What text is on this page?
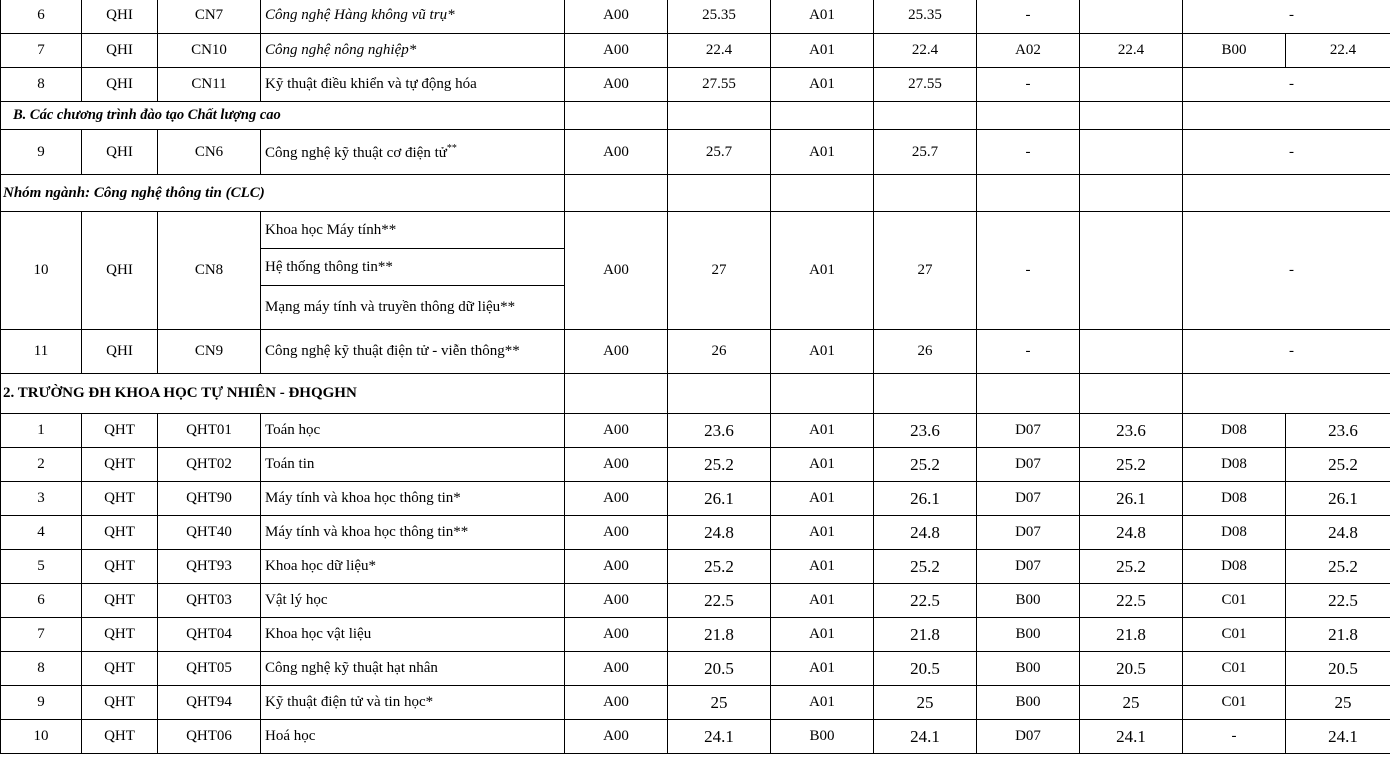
6	QHI	CN7	Công nghệ Hàng không vũ trụ*	A00	25.35	A01	25.35	-		-	
7	QHI	CN10	Công nghệ nông nghiệp*	A00	22.4	A01	22.4	A02	22.4	B00	22.4
8	QHI	CN11	Kỹ thuật điều khiển và tự động hóa	A00	27.55	A01	27.55	-		-	
B. Các chương trình đào tạo Chất lượng cao											
9	QHI	CN6	Công nghệ kỹ thuật cơ điện tử**	A00	25.7	A01	25.7	-		-	
Nhóm ngành: Công nghệ thông tin (CLC)											
10	QHI	CN8	Khoa học Máy tính**	A00	27	A01	27	-		-	
			Hệ thống thông tin**								
			Mạng máy tính và truyền thông dữ liệu**								
11	QHI	CN9	Công nghệ kỹ thuật điện tử - viễn thông**	A00	26	A01	26	-		-	
2. TRƯỜNG ĐH KHOA HỌC TỰ NHIÊN - ĐHQGHN											
1	QHT	QHT01	Toán học	A00	23.6	A01	23.6	D07	23.6	D08	23.6
2	QHT	QHT02	Toán tin	A00	25.2	A01	25.2	D07	25.2	D08	25.2
3	QHT	QHT90	Máy tính và khoa học thông tin*	A00	26.1	A01	26.1	D07	26.1	D08	26.1
4	QHT	QHT40	Máy tính và khoa học thông tin**	A00	24.8	A01	24.8	D07	24.8	D08	24.8
5	QHT	QHT93	Khoa học dữ liệu*	A00	25.2	A01	25.2	D07	25.2	D08	25.2
6	QHT	QHT03	Vật lý học	A00	22.5	A01	22.5	B00	22.5	C01	22.5
7	QHT	QHT04	Khoa học vật liệu	A00	21.8	A01	21.8	B00	21.8	C01	21.8
8	QHT	QHT05	Công nghệ kỹ thuật hạt nhân	A00	20.5	A01	20.5	B00	20.5	C01	20.5
9	QHT	QHT94	Kỹ thuật điện tử và tin học*	A00	25	A01	25	B00	25	C01	25
10	QHT	QHT06	Hoá học	A00	24.1	B00	24.1	D07	24.1	-	24.1
